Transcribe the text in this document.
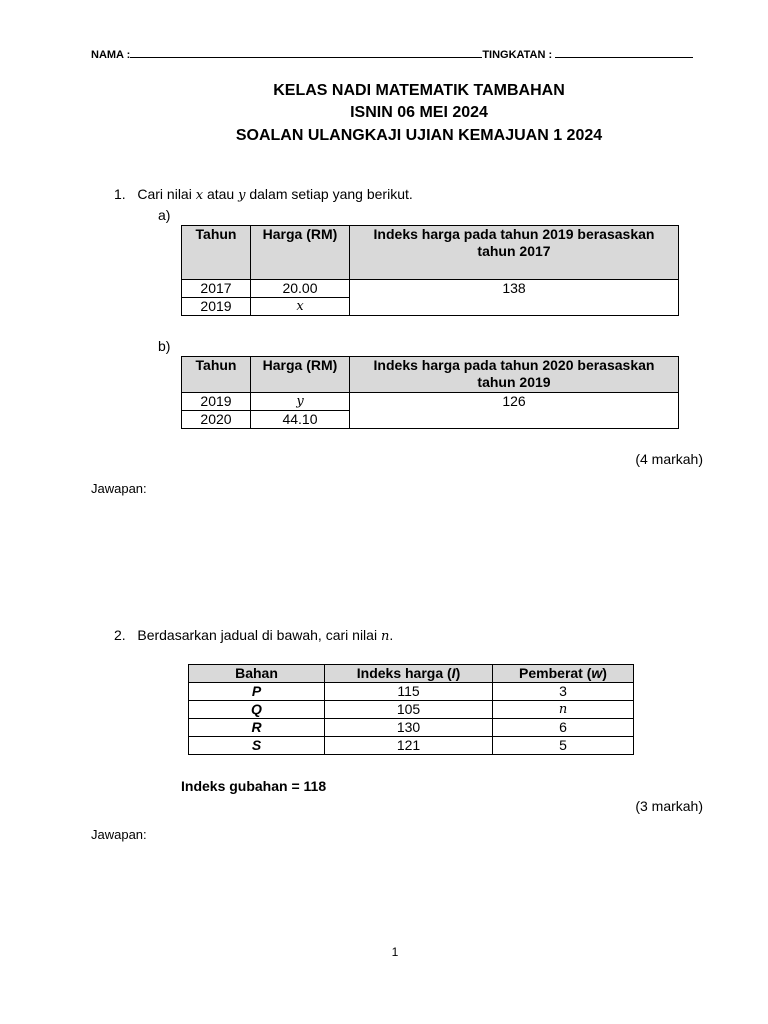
NAMA :	TINGKATAN :
KELAS NADI MATEMATIK TAMBAHAN
ISNIN 06 MEI 2024
SOALAN ULANGKAJI UJIAN KEMAJUAN 1 2024
1. Cari nilai x atau y dalam setiap yang berikut.
a)
Tahun	Harga (RM)	Indeks harga pada tahun 2019 berasaskan tahun 2017
2017	20.00	138
2019	x	
b)
Tahun	Harga (RM)	Indeks harga pada tahun 2020 berasaskan tahun 2019
2019	y	126
2020	44.10	
(4 markah)
Jawapan:
2. Berdasarkan jadual di bawah, cari nilai n.
Bahan	Indeks harga (I)	Pemberat (w)
P	115	3
Q	105	n
R	130	6
S	121	5
Indeks gubahan = 118
(3 markah)
Jawapan:
1
